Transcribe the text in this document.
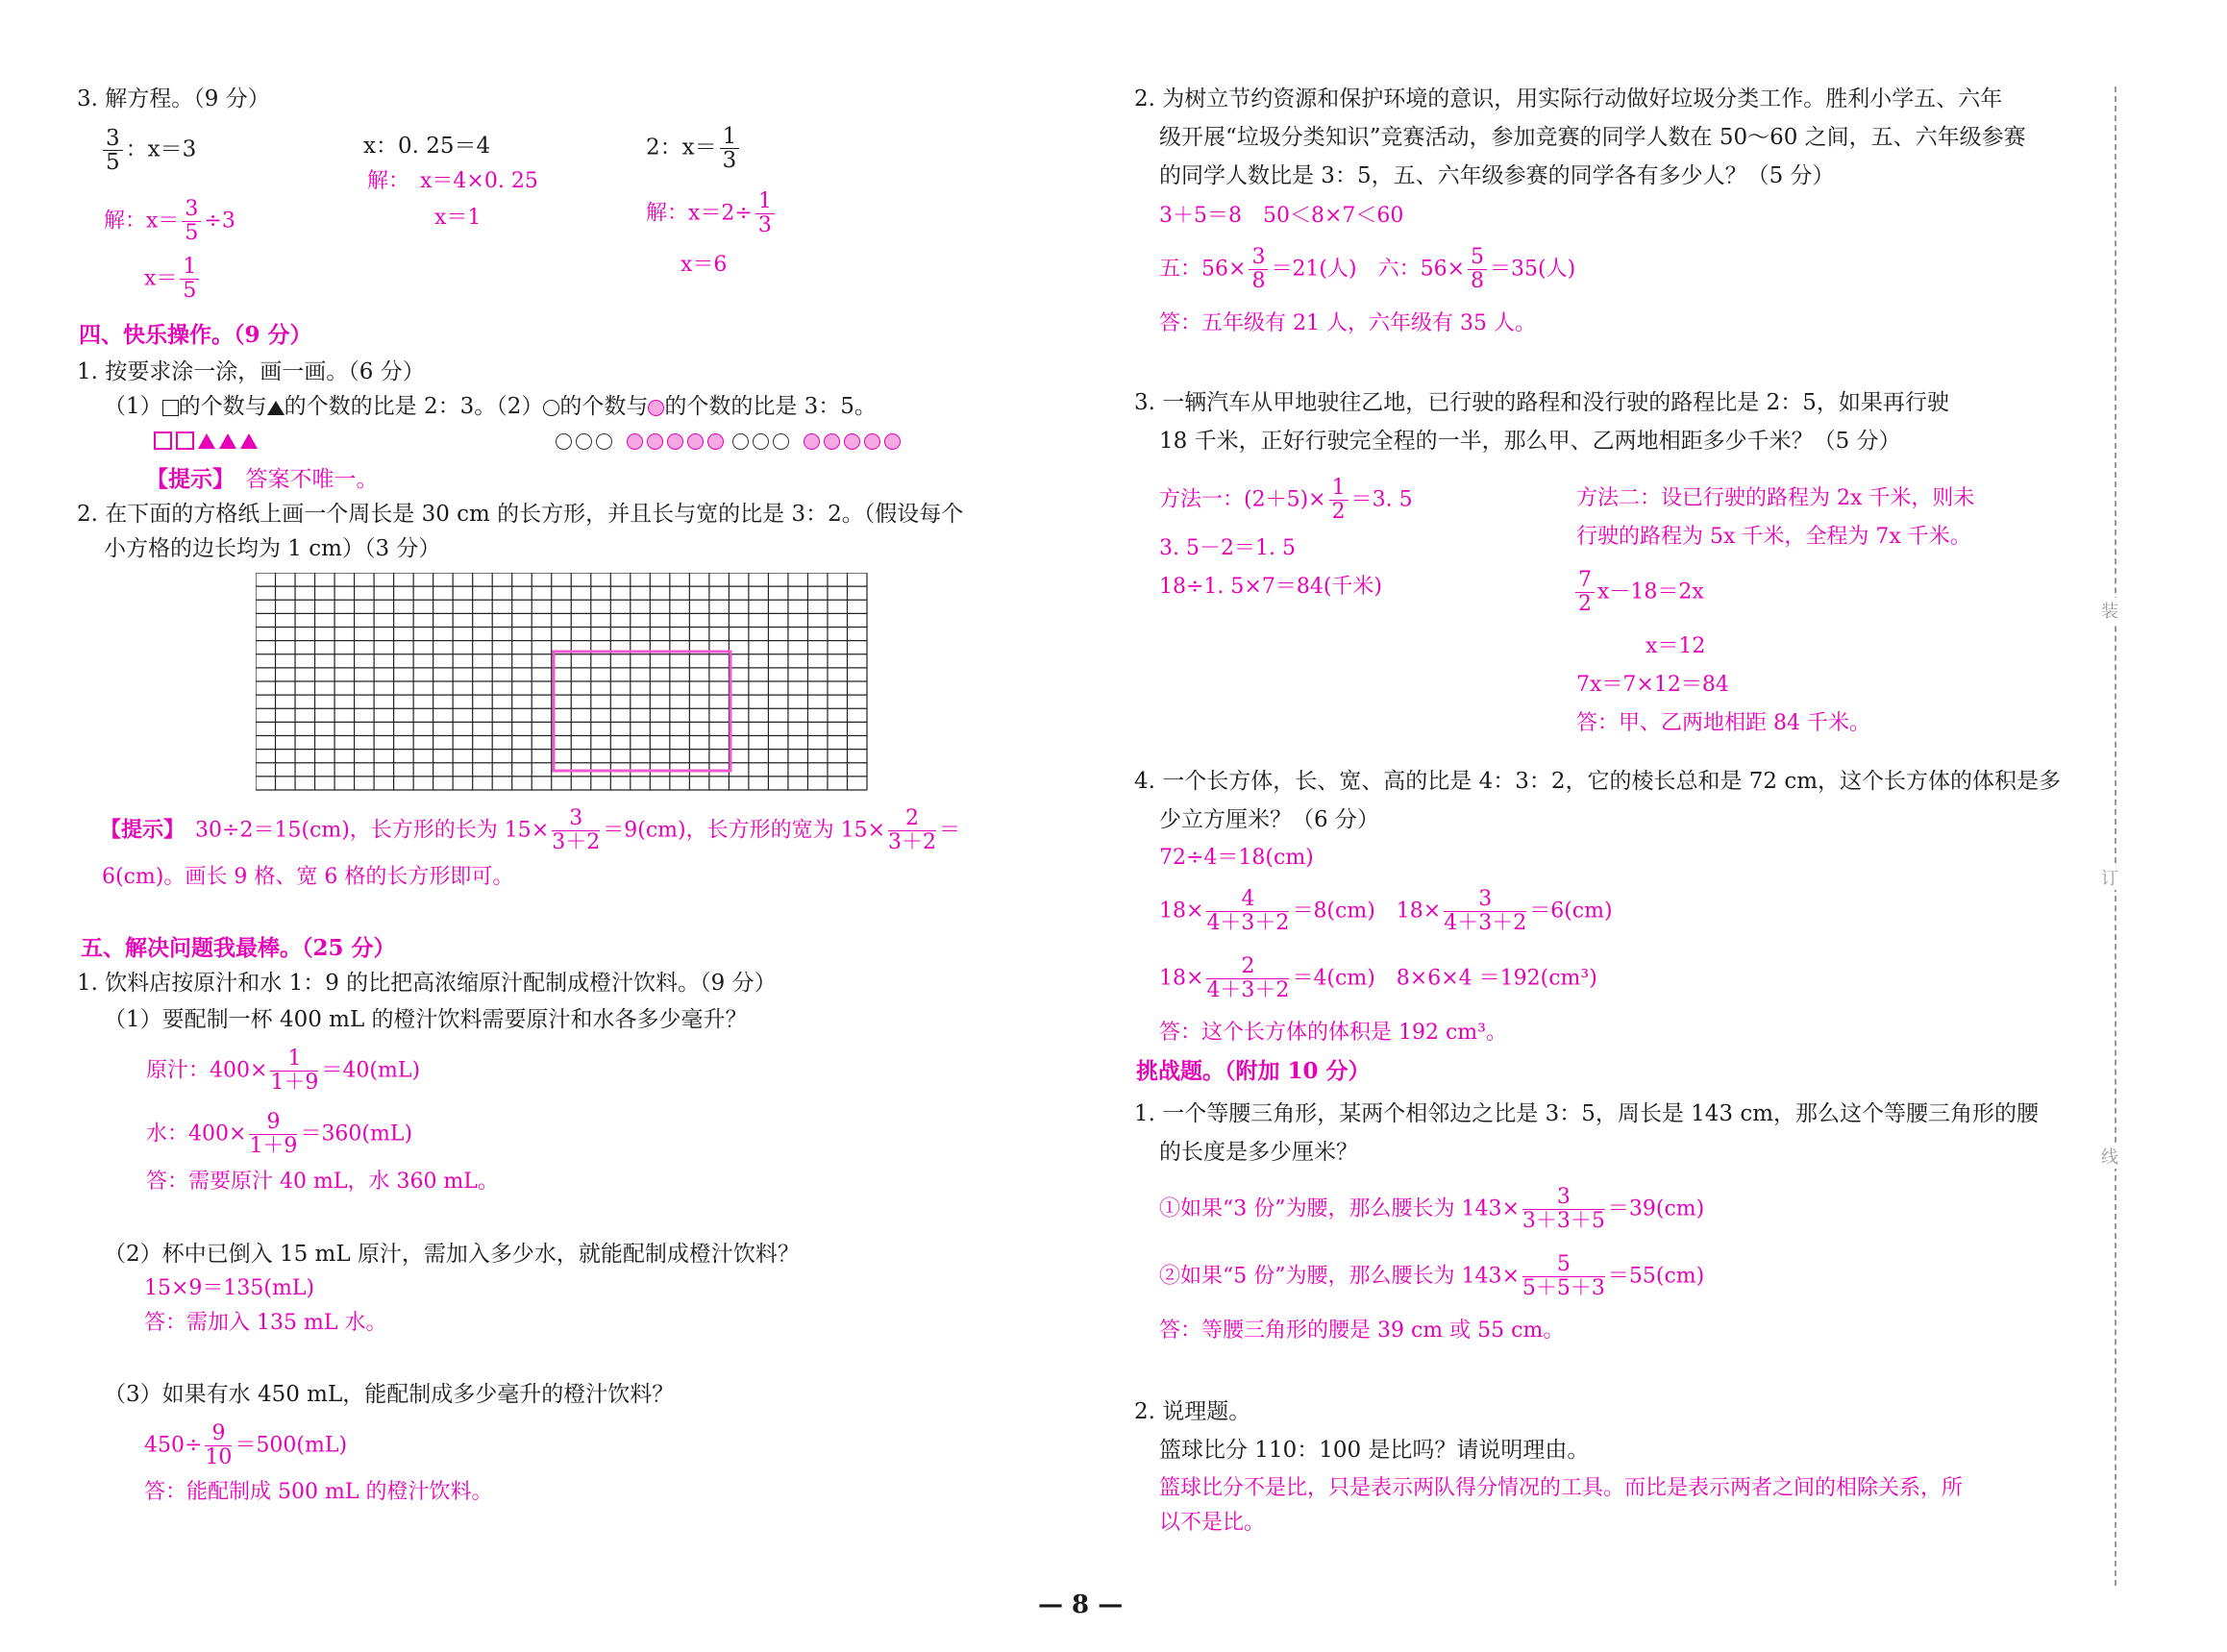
3. 解方程。（9 分）
$\frac{3}{5}$ ：x＝3
解：$x= \frac{3}{5} \div 3$
$x= \frac{1}{5}$
x：0. 25＝4
解：　x＝4×0. 25
x＝1
2：$x= \frac{1}{3}$
解：$x=2\div \frac{1}{3}$
x＝6
四、快乐操作。（9 分）
1. 按要求涂一涂，画一画。（6 分）
（1） 的个数与 的个数的比是 2：3。（2） 的个数与 的个数的比是 3：5。

【提示】　 答案不唯一。
2. 在下面的方格纸上画一个周长是 30 cm 的长方形，并且长与宽的比是 3：2。（假设每个
小方格的边长均为 1 cm）（3 分）
【提示】　 30÷2＝15(cm)，长方形的长为 $15\times \frac{3}{3+2} =9(cm)$，长方形的宽为 $15\times \frac{2}{3+2}$ ＝
6(cm)。画长 9 格、宽 6 格的长方形即可。
五、解决问题我最棒。（25 分）
1. 饮料店按原汁和水 1：9 的比把高浓缩原汁配制成橙汁饮料。（9 分）
（1）要配制一杯 400 mL 的橙汁饮料需要原汁和水各多少毫升？
原汁：$400\times \frac{1}{1+9} =40(mL)$
水：$400\times \frac{9}{1+9} =360(mL)$
答：需要原汁 40 mL，水 360 mL。
（2）杯中已倒入 15 mL 原汁，需加入多少水，就能配制成橙汁饮料？
15×9＝135(mL)
答：需加入 135 mL 水。
（3）如果有水 450 mL，能配制成多少毫升的橙汁饮料？
$450\div \frac{9}{10} =500(mL)$
答：能配制成 500 mL 的橙汁饮料。
2. 为树立节约资源和保护环境的意识，用实际行动做好垃圾分类工作。胜利小学五、六年
级开展“垃圾分类知识”竞赛活动，参加竞赛的同学人数在 50～60 之间，五、六年级参赛
的同学人数比是 3：5，五、六年级参赛的同学各有多少人？（5 分）
3＋5＝8　50＜8×7＜60
五：$56\times \frac{3}{8} =21$(人)　六：$56\times \frac{5}{8} =35$(人)
答：五年级有 21 人，六年级有 35 人。
3. 一辆汽车从甲地驶往乙地，已行驶的路程和没行驶的路程比是 2：5，如果再行驶
18 千米，正好行驶完全程的一半，那么甲、乙两地相距多少千米？（5 分）
方法一：$(2+5)\times \frac{1}{2} =3$. 5
3. 5－2＝1. 5
18÷1. 5×7＝84(千米)
方法二：设已行驶的路程为 2x 千米，则未
行驶的路程为 5x 千米，全程为 7x 千米。
$\frac{7}{2} x-18=2x$
x＝12
7x＝7×12＝84
答：甲、乙两地相距 84 千米。
4. 一个长方体，长、宽、高的比是 4：3：2，它的棱长总和是 72 cm，这个长方体的体积是多
少立方厘米？（6 分）
72÷4＝18(cm)
$18\times \frac{4}{4+3+2} =8(cm)$　$18\times \frac{3}{4+3+2} =6(cm)$
$18\times \frac{2}{4+3+2} =4(cm)$　8×6×4 ＝192(cm³)
答：这个长方体的体积是 192 cm³。
挑战题。（附加 10 分）
1. 一个等腰三角形，某两个相邻边之比是 3：5，周长是 143 cm，那么这个等腰三角形的腰
的长度是多少厘米？
①如果“3 份”为腰，那么腰长为 $143\times \frac{3}{3+3+5} =39(cm)$
②如果“5 份”为腰，那么腰长为 $143\times \frac{5}{5+5+3} =55(cm)$
答：等腰三角形的腰是 39 cm 或 55 cm。
2. 说理题。
篮球比分 110：100 是比吗？请说明理由。
篮球比分不是比，只是表示两队得分情况的工具。而比是表示两者之间的相除关系，所
以不是比。
装
订
线
— 8 —
